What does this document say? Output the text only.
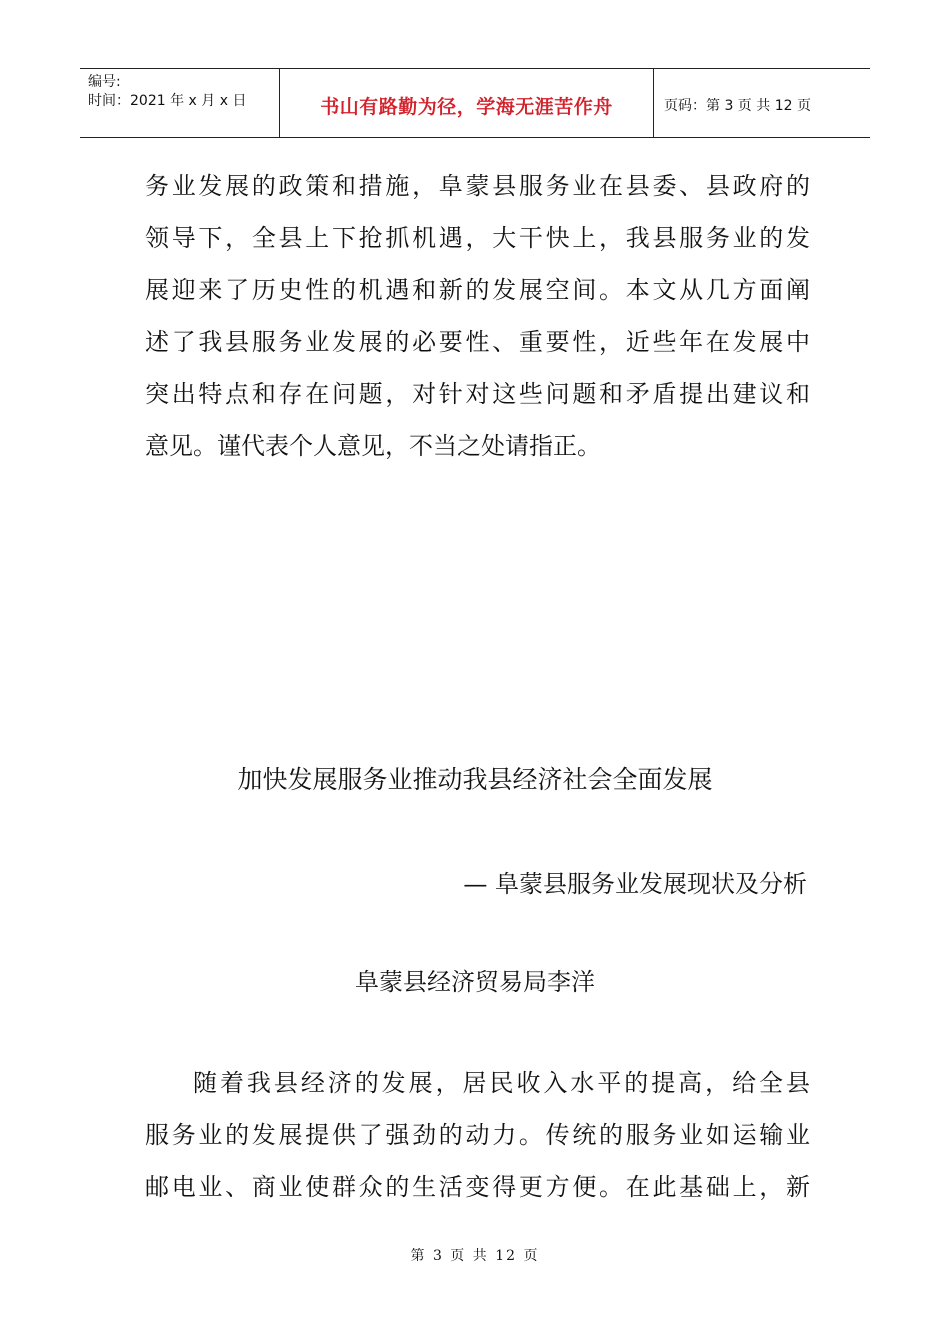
编号:
时间：2021 年 x 月 x 日	书山有路勤为径，学海无涯苦作舟	页码：第 3 页 共 12 页
务业发展的政策和措施，阜蒙县服务业在县委、县政府的
领导下，全县上下抢抓机遇，大干快上，我县服务业的发
展迎来了历史性的机遇和新的发展空间。本文从几方面阐
述了我县服务业发展的必要性、重要性，近些年在发展中
突出特点和存在问题，对针对这些问题和矛盾提出建议和
意见。谨代表个人意见，不当之处请指正。
加快发展服务业推动我县经济社会全面发展
— 阜蒙县服务业发展现状及分析
阜蒙县经济贸易局李洋
随着我县经济的发展，居民收入水平的提高，给全县
服务业的发展提供了强劲的动力。传统的服务业如运输业
邮电业、商业使群众的生活变得更方便。在此基础上，新
第 3 页 共 12 页
